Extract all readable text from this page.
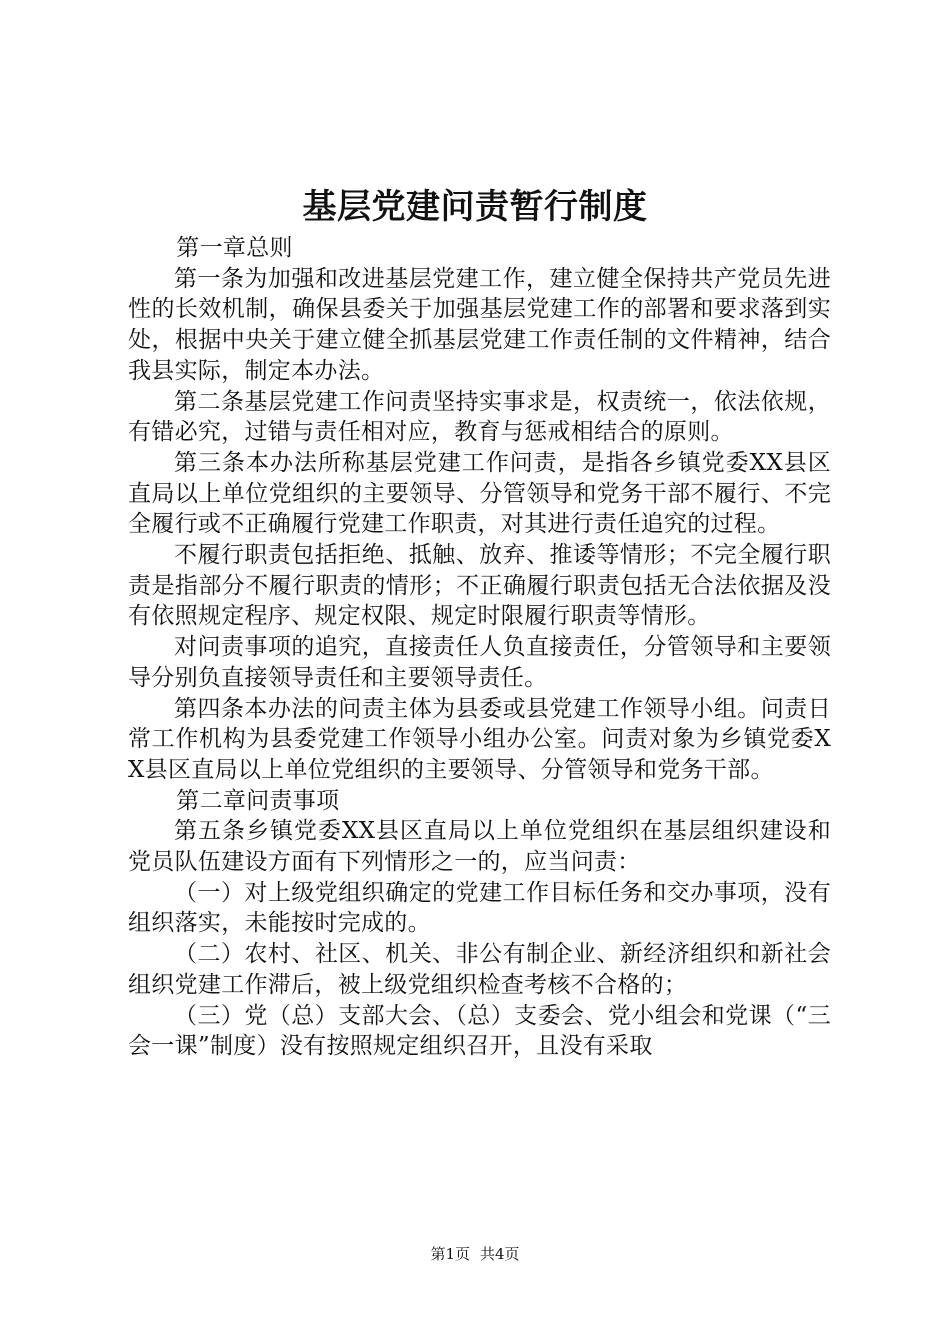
基层党建问责暂行制度

第一章总则

第一条为加强和改进基层党建工作，建立健全保持共产党员先进性的长效机制，确保县委关于加强基层党建工作的部署和要求落到实处，根据中央关于建立健全抓基层党建工作责任制的文件精神，结合我县实际，制定本办法。

第二条基层党建工作问责坚持实事求是，权责统一，依法依规，有错必究，过错与责任相对应，教育与惩戒相结合的原则。

第三条本办法所称基层党建工作问责，是指各乡镇党委XX县区直局以上单位党组织的主要领导、分管领导和党务干部不履行、不完全履行或不正确履行党建工作职责，对其进行责任追究的过程。

不履行职责包括拒绝、抵触、放弃、推诿等情形；不完全履行职责是指部分不履行职责的情形；不正确履行职责包括无合法依据及没有依照规定程序、规定权限、规定时限履行职责等情形。

对问责事项的追究，直接责任人负直接责任，分管领导和主要领导分别负直接领导责任和主要领导责任。

第四条本办法的问责主体为县委或县党建工作领导小组。问责日常工作机构为县委党建工作领导小组办公室。问责对象为乡镇党委XX县区直局以上单位党组织的主要领导、分管领导和党务干部。

第二章问责事项

第五条乡镇党委XX县区直局以上单位党组织在基层组织建设和党员队伍建设方面有下列情形之一的，应当问责：

（一）对上级党组织确定的党建工作目标任务和交办事项，没有组织落实，未能按时完成的。

（二）农村、社区、机关、非公有制企业、新经济组织和新社会组织党建工作滞后，被上级党组织检查考核不合格的；

（三）党（总）支部大会、（总）支委会、党小组会和党课（“三会一课”制度）没有按照规定组织召开，且没有采取

第1页 共4页
